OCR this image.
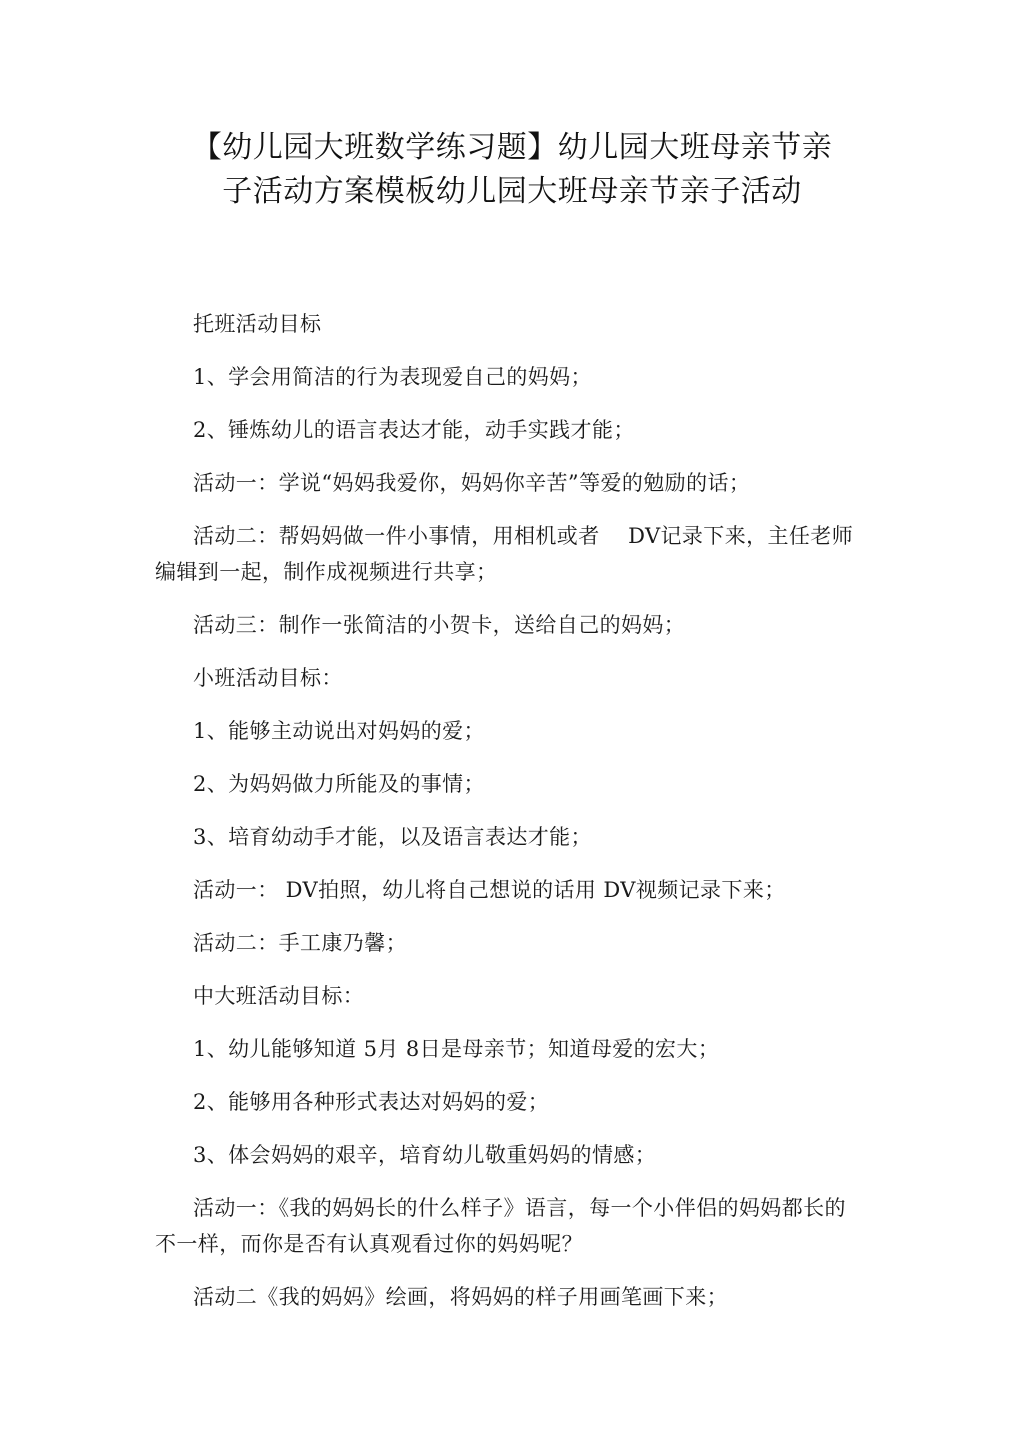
【幼儿园大班数学练习题】幼儿园大班母亲节亲
子活动方案模板幼儿园大班母亲节亲子活动

托班活动目标

1、学会用简洁的行为表现爱自己的妈妈；

2、锤炼幼儿的语言表达才能，动手实践才能；

活动一：学说“妈妈我爱你，妈妈你辛苦”等爱的勉励的话；

活动二：帮妈妈做一件小事情，用相机或者　 DV记录下来，主任老师编辑到一起，制作成视频进行共享；

活动三：制作一张简洁的小贺卡，送给自己的妈妈；

小班活动目标：

1、能够主动说出对妈妈的爱；

2、为妈妈做力所能及的事情；

3、培育幼动手才能，以及语言表达才能；

活动一： DV拍照，幼儿将自己想说的话用 DV视频记录下来；

活动二：手工康乃馨；

中大班活动目标：

1、幼儿能够知道 5月 8日是母亲节；知道母爱的宏大；

2、能够用各种形式表达对妈妈的爱；

3、体会妈妈的艰辛，培育幼儿敬重妈妈的情感；

活动一：《我的妈妈长的什么样子》语言，每一个小伴侣的妈妈都长的不一样，而你是否有认真观看过你的妈妈呢？

活动二《我的妈妈》绘画，将妈妈的样子用画笔画下来；
